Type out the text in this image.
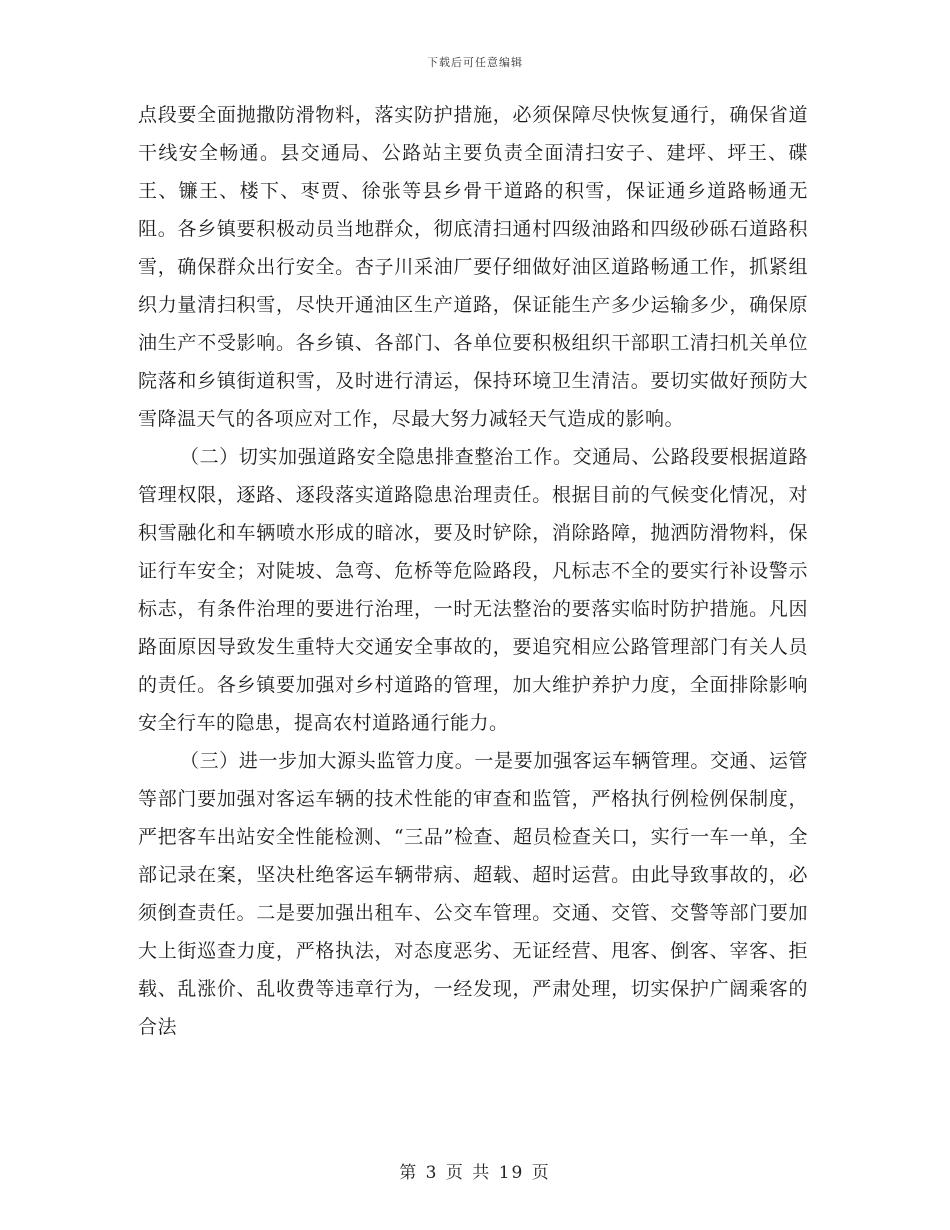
下载后可任意编辑

点段要全面抛撒防滑物料，落实防护措施，必须保障尽快恢复通行，确保省道干线安全畅通。县交通局、公路站主要负责全面清扫安子、建坪、坪王、碟王、镰王、楼下、枣贾、徐张等县乡骨干道路的积雪，保证通乡道路畅通无阻。各乡镇要积极动员当地群众，彻底清扫通村四级油路和四级砂砾石道路积雪，确保群众出行安全。杏子川采油厂要仔细做好油区道路畅通工作，抓紧组织力量清扫积雪，尽快开通油区生产道路，保证能生产多少运输多少，确保原油生产不受影响。各乡镇、各部门、各单位要积极组织干部职工清扫机关单位院落和乡镇街道积雪，及时进行清运，保持环境卫生清洁。要切实做好预防大雪降温天气的各项应对工作，尽最大努力减轻天气造成的影响。

（二）切实加强道路安全隐患排查整治工作。交通局、公路段要根据道路管理权限，逐路、逐段落实道路隐患治理责任。根据目前的气候变化情况，对积雪融化和车辆喷水形成的暗冰，要及时铲除，消除路障，抛洒防滑物料，保证行车安全；对陡坡、急弯、危桥等危险路段，凡标志不全的要实行补设警示标志，有条件治理的要进行治理，一时无法整治的要落实临时防护措施。凡因路面原因导致发生重特大交通安全事故的，要追究相应公路管理部门有关人员的责任。各乡镇要加强对乡村道路的管理，加大维护养护力度，全面排除影响安全行车的隐患，提高农村道路通行能力。

（三）进一步加大源头监管力度。一是要加强客运车辆管理。交通、运管等部门要加强对客运车辆的技术性能的审查和监管，严格执行例检例保制度，严把客车出站安全性能检测、“三品”检查、超员检查关口，实行一车一单，全部记录在案，坚决杜绝客运车辆带病、超载、超时运营。由此导致事故的，必须倒查责任。二是要加强出租车、公交车管理。交通、交管、交警等部门要加大上街巡查力度，严格执法，对态度恶劣、无证经营、甩客、倒客、宰客、拒载、乱涨价、乱收费等违章行为，一经发现，严肃处理，切实保护广阔乘客的合法

第 3 页 共 19 页
